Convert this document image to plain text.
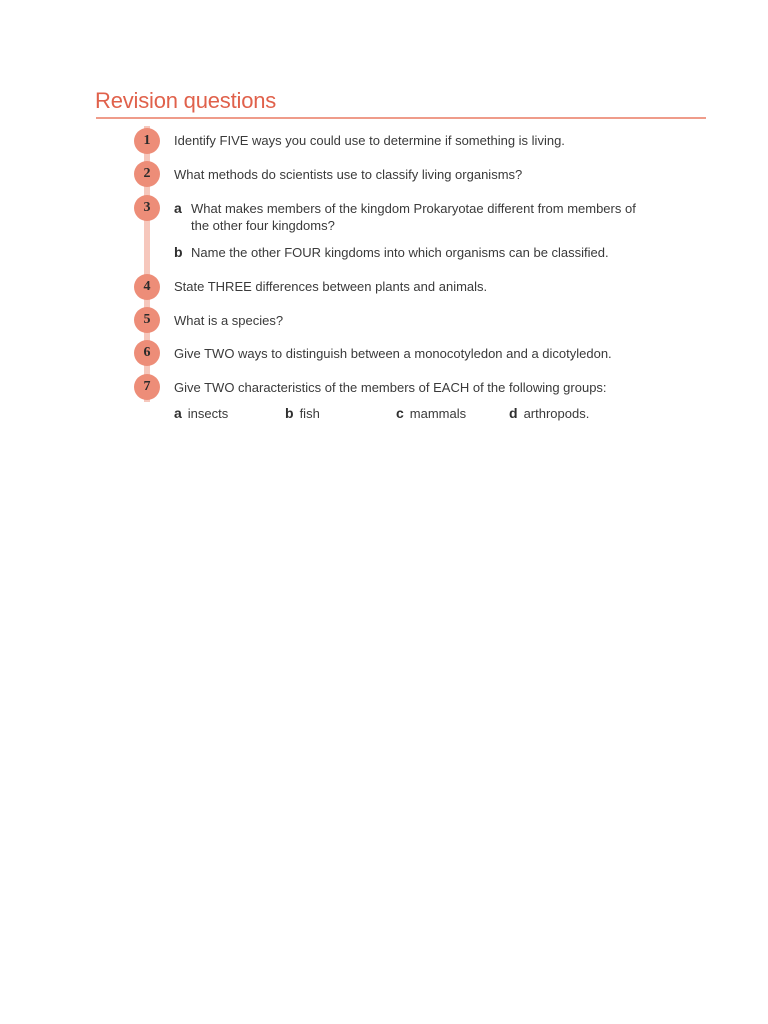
Revision questions
1	Identify FIVE ways you could use to determine if something is living.
2	What methods do scientists use to classify living organisms?
3	a What makes members of the kingdom Prokaryotae different from members of
the other four kingdoms?
b Name the other FOUR kingdoms into which organisms can be classified.
4	State THREE differences between plants and animals.
5	What is a species?
6	Give TWO ways to distinguish between a monocotyledon and a dicotyledon.
7	Give TWO characteristics of the members of EACH of the following groups:
a insects	b fish	c mammals	d arthropods.
